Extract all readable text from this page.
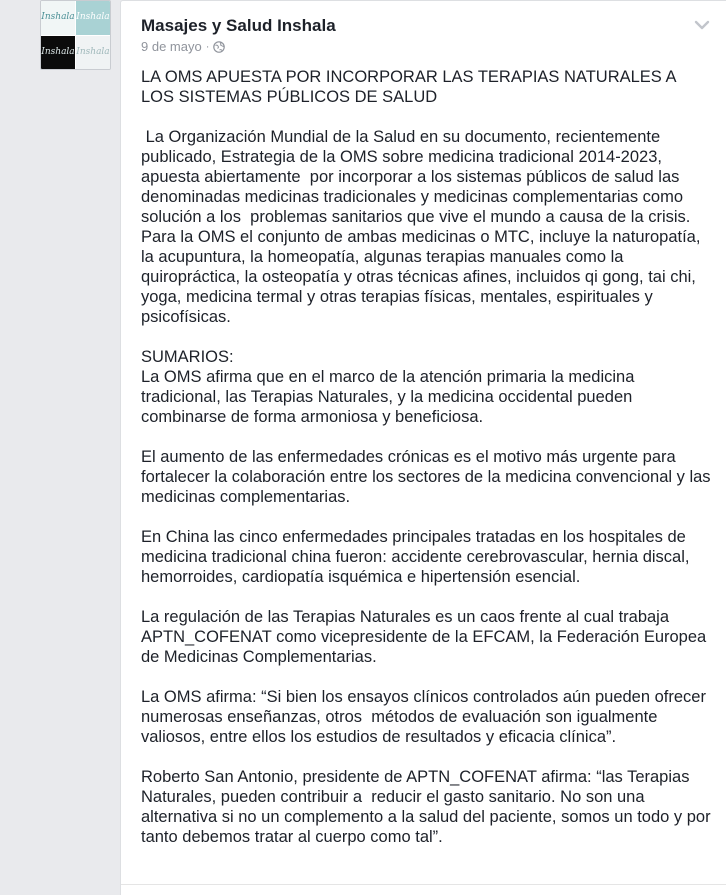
Inshala Inshala
Inshala Inshala
Masajes y Salud Inshala
9 de mayo ·
LA OMS APUESTA POR INCORPORAR LAS TERAPIAS NATURALES A LOS SISTEMAS PÚBLICOS DE SALUD

La Organización Mundial de la Salud en su documento, recientemente publicado, Estrategia de la OMS sobre medicina tradicional 2014-2023, apuesta abiertamente  por incorporar a los sistemas públicos de salud las denominadas medicinas tradicionales y medicinas complementarias como solución a los  problemas sanitarios que vive el mundo a causa de la crisis. Para la OMS el conjunto de ambas medicinas o MTC, incluye la naturopatía, la acupuntura, la homeopatía, algunas terapias manuales como la quiropráctica, la osteopatía y otras técnicas afines, incluidos qi gong, tai chi, yoga, medicina termal y otras terapias físicas, mentales, espirituales y psicofísicas.

SUMARIOS:
La OMS afirma que en el marco de la atención primaria la medicina tradicional, las Terapias Naturales, y la medicina occidental pueden combinarse de forma armoniosa y beneficiosa.

El aumento de las enfermedades crónicas es el motivo más urgente para fortalecer la colaboración entre los sectores de la medicina convencional y las medicinas complementarias.

En China las cinco enfermedades principales tratadas en los hospitales de medicina tradicional china fueron: accidente cerebrovascular, hernia discal, hemorroides, cardiopatía isquémica e hipertensión esencial.

La regulación de las Terapias Naturales es un caos frente al cual trabaja APTN_COFENAT como vicepresidente de la EFCAM, la Federación Europea de Medicinas Complementarias.

La OMS afirma: “Si bien los ensayos clínicos controlados aún pueden ofrecer numerosas enseñanzas, otros  métodos de evaluación son igualmente valiosos, entre ellos los estudios de resultados y eficacia clínica”.

Roberto San Antonio, presidente de APTN_COFENAT afirma: “las Terapias Naturales, pueden contribuir a  reducir el gasto sanitario. No son una alternativa si no un complemento a la salud del paciente, somos un todo y por tanto debemos tratar al cuerpo como tal”.
